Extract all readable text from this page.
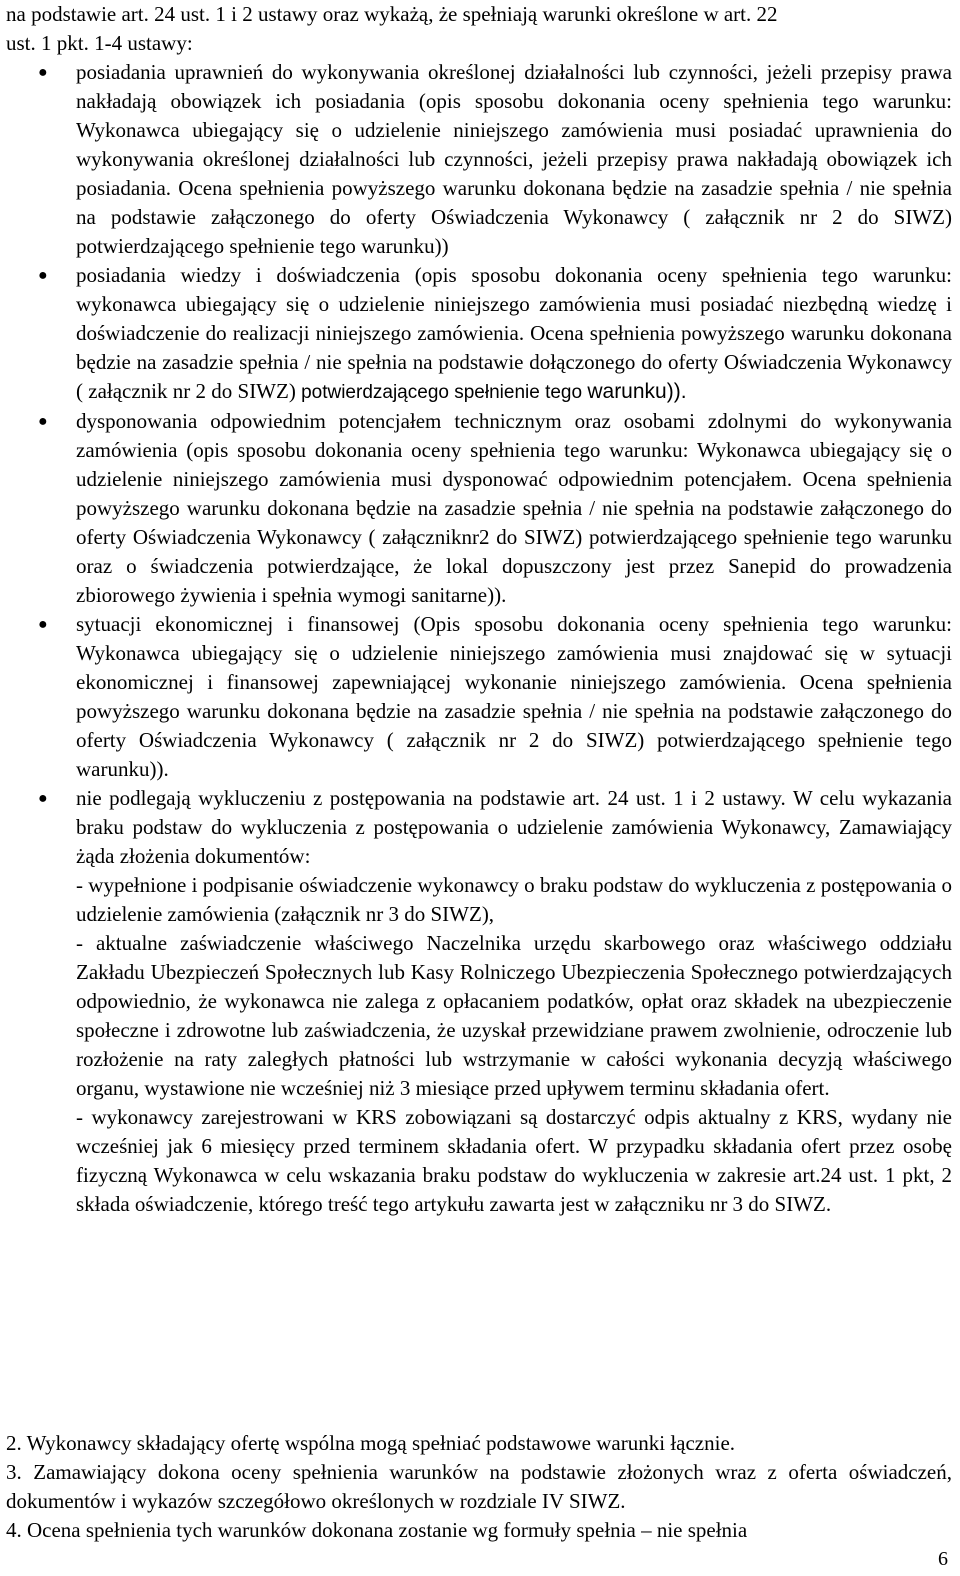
na podstawie art. 24 ust. 1 i 2 ustawy oraz wykażą, że spełniają warunki określone w art. 22
ust. 1 pkt. 1-4 ustawy:
● posiadania uprawnień do wykonywania określonej działalności lub czynności, jeżeli przepisy prawa nakładają obowiązek ich posiadania (opis sposobu dokonania oceny spełnienia tego warunku: Wykonawca ubiegający się o udzielenie niniejszego zamówienia musi posiadać uprawnienia do wykonywania określonej działalności lub czynności, jeżeli przepisy prawa nakładają obowiązek ich posiadania. Ocena spełnienia powyższego warunku dokonana będzie na zasadzie spełnia / nie spełnia na podstawie załączonego do oferty Oświadczenia Wykonawcy ( załącznik nr 2 do SIWZ) potwierdzającego spełnienie tego warunku))

● posiadania wiedzy i doświadczenia (opis sposobu dokonania oceny spełnienia tego warunku: wykonawca ubiegający się o udzielenie niniejszego zamówienia musi posiadać niezbędną wiedzę i doświadczenie do realizacji niniejszego zamówienia. Ocena spełnienia powyższego warunku dokonana będzie na zasadzie spełnia / nie spełnia na podstawie dołączonego do oferty Oświadczenia Wykonawcy ( załącznik nr 2 do SIWZ) potwierdzającego spełnienie tego warunku)).

● dysponowania odpowiednim potencjałem technicznym oraz osobami zdolnymi do wykonywania zamówienia (opis sposobu dokonania oceny spełnienia tego warunku: Wykonawca ubiegający się o udzielenie niniejszego zamówienia musi dysponować odpowiednim potencjałem. Ocena spełnienia powyższego warunku dokonana będzie na zasadzie spełnia / nie spełnia na podstawie załączonego do oferty Oświadczenia Wykonawcy ( załączniknr2 do SIWZ) potwierdzającego spełnienie tego warunku oraz o świadczenia potwierdzające, że lokal dopuszczony jest przez Sanepid do prowadzenia zbiorowego żywienia i spełnia wymogi sanitarne)).

● sytuacji ekonomicznej i finansowej (Opis sposobu dokonania oceny spełnienia tego warunku: Wykonawca ubiegający się o udzielenie niniejszego zamówienia musi znajdować się w sytuacji ekonomicznej i finansowej zapewniającej wykonanie niniejszego zamówienia. Ocena spełnienia powyższego warunku dokonana będzie na zasadzie spełnia / nie spełnia na podstawie załączonego do oferty Oświadczenia Wykonawcy ( załącznik nr 2 do SIWZ) potwierdzającego spełnienie tego warunku)).

● nie podlegają wykluczeniu z postępowania na podstawie art. 24 ust. 1 i 2 ustawy. W celu wykazania braku podstaw do wykluczenia z postępowania o udzielenie zamówienia Wykonawcy, Zamawiający żąda złożenia dokumentów:

- wypełnione i podpisanie oświadczenie wykonawcy o braku podstaw do wykluczenia z postępowania o udzielenie zamówienia (załącznik nr 3 do SIWZ),

- aktualne zaświadczenie właściwego Naczelnika urzędu skarbowego oraz właściwego oddziału Zakładu Ubezpieczeń Społecznych lub Kasy Rolniczego Ubezpieczenia Społecznego potwierdzających odpowiednio, że wykonawca nie zalega z opłacaniem podatków, opłat oraz składek na ubezpieczenie społeczne i zdrowotne lub zaświadczenia, że uzyskał przewidziane prawem zwolnienie, odroczenie lub rozłożenie na raty zaległych płatności lub wstrzymanie w całości wykonania decyzją właściwego organu, wystawione nie wcześniej niż 3 miesiące przed upływem terminu składania ofert.

- wykonawcy zarejestrowani w KRS zobowiązani są dostarczyć odpis aktualny z KRS, wydany nie wcześniej jak 6 miesięcy przed terminem składania ofert. W przypadku składania ofert przez osobę fizyczną Wykonawca w celu wskazania braku podstaw do wykluczenia w zakresie art.24 ust. 1 pkt, 2 składa oświadczenie, którego treść tego artykułu zawarta jest w załączniku nr 3 do SIWZ.

2. Wykonawcy składający ofertę wspólna mogą spełniać podstawowe warunki łącznie.

3. Zamawiający dokona oceny spełnienia warunków na podstawie złożonych wraz z oferta oświadczeń, dokumentów i wykazów szczegółowo określonych w rozdziale IV SIWZ.

4. Ocena spełnienia tych warunków dokonana zostanie wg formuły spełnia – nie spełnia

6
